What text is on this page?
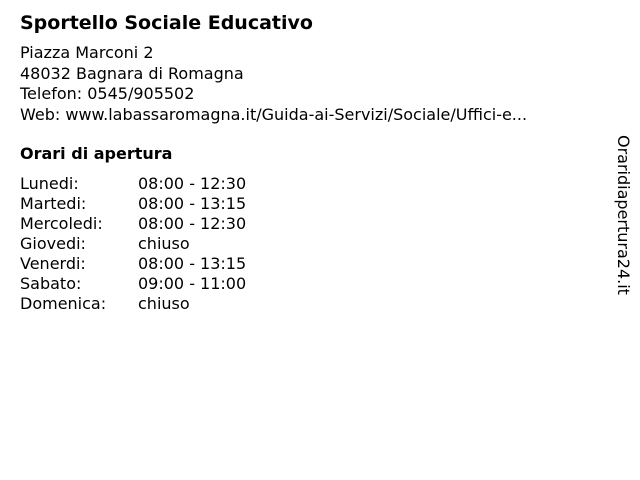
Sportello Sociale Educativo
Piazza Marconi 2
48032 Bagnara di Romagna
Telefon: 0545/905502
Web: www.labassaromagna.it/Guida-ai-Servizi/Sociale/Uffici-e...
Orari di apertura
Lunedi:	08:00 - 12:30
Martedi:	08:00 - 13:15
Mercoledi:	08:00 - 12:30
Giovedi:	chiuso
Venerdi:	08:00 - 13:15
Sabato:	09:00 - 11:00
Domenica:	chiuso
Oraridiapertura24.it
